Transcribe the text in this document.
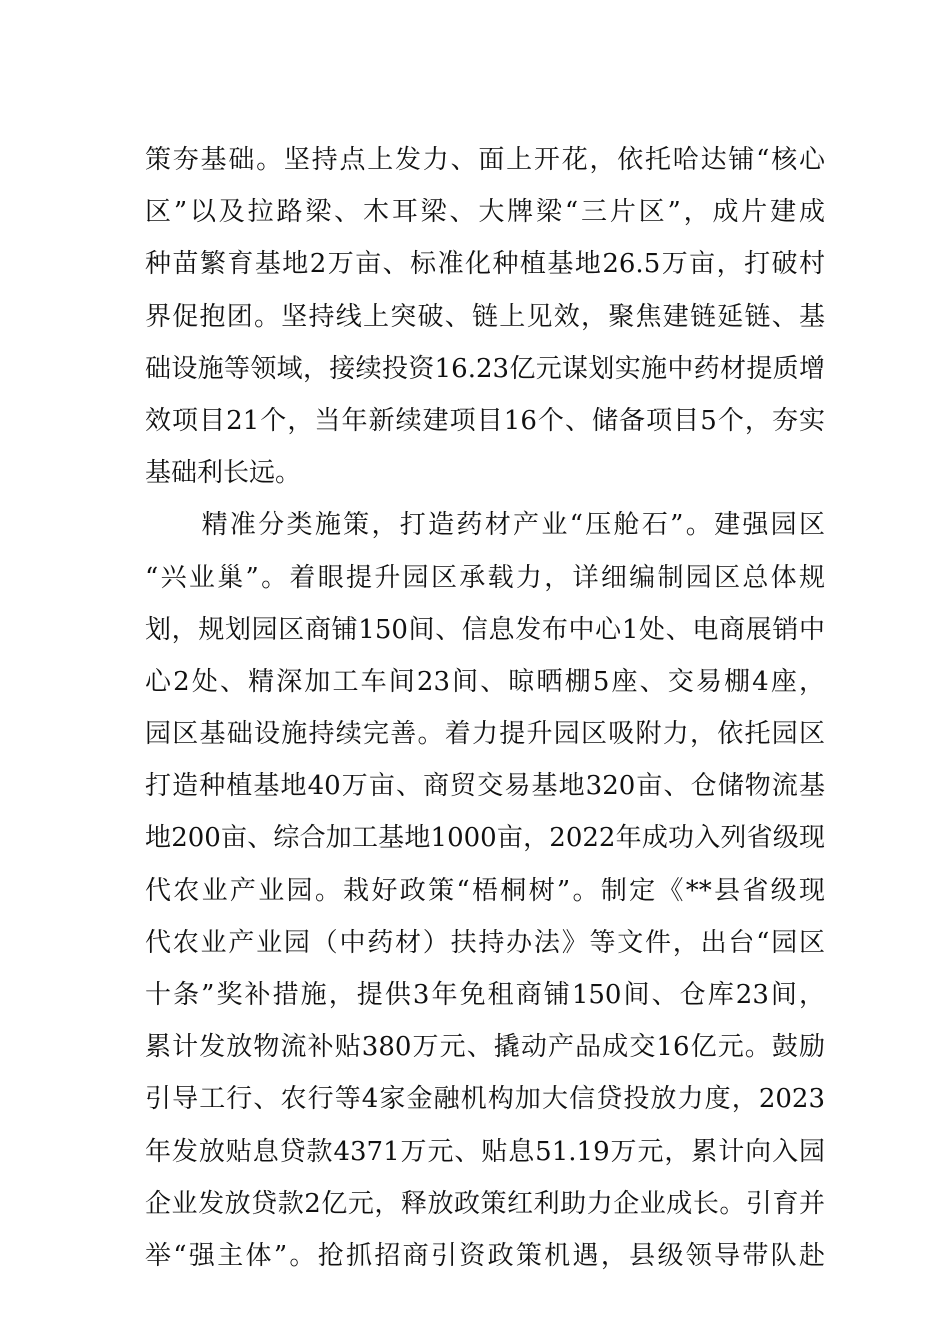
策夯基础。坚持点上发力、面上开花，依托哈达铺“核心
区”以及拉路梁、木耳梁、大牌梁“三片区”，成片建成
种苗繁育基地2万亩、标准化种植基地26.5万亩，打破村
界促抱团。坚持线上突破、链上见效，聚焦建链延链、基
础设施等领域，接续投资16.23亿元谋划实施中药材提质增
效项目21个，当年新续建项目16个、储备项目5个，夯实
基础利长远。
　　精准分类施策，打造药材产业“压舱石”。建强园区
“兴业巢”。着眼提升园区承载力，详细编制园区总体规
划，规划园区商铺150间、信息发布中心1处、电商展销中
心2处、精深加工车间23间、晾晒棚5座、交易棚4座，
园区基础设施持续完善。着力提升园区吸附力，依托园区
打造种植基地40万亩、商贸交易基地320亩、仓储物流基
地200亩、综合加工基地1000亩，2022年成功入列省级现
代农业产业园。栽好政策“梧桐树”。制定《**县省级现
代农业产业园（中药材）扶持办法》等文件，出台“园区
十条”奖补措施，提供3年免租商铺150间、仓库23间，
累计发放物流补贴380万元、撬动产品成交16亿元。鼓励
引导工行、农行等4家金融机构加大信贷投放力度，2023
年发放贴息贷款4371万元、贴息51.19万元，累计向入园
企业发放贷款2亿元，释放政策红利助力企业成长。引育并
举“强主体”。抢抓招商引资政策机遇，县级领导带队赴
